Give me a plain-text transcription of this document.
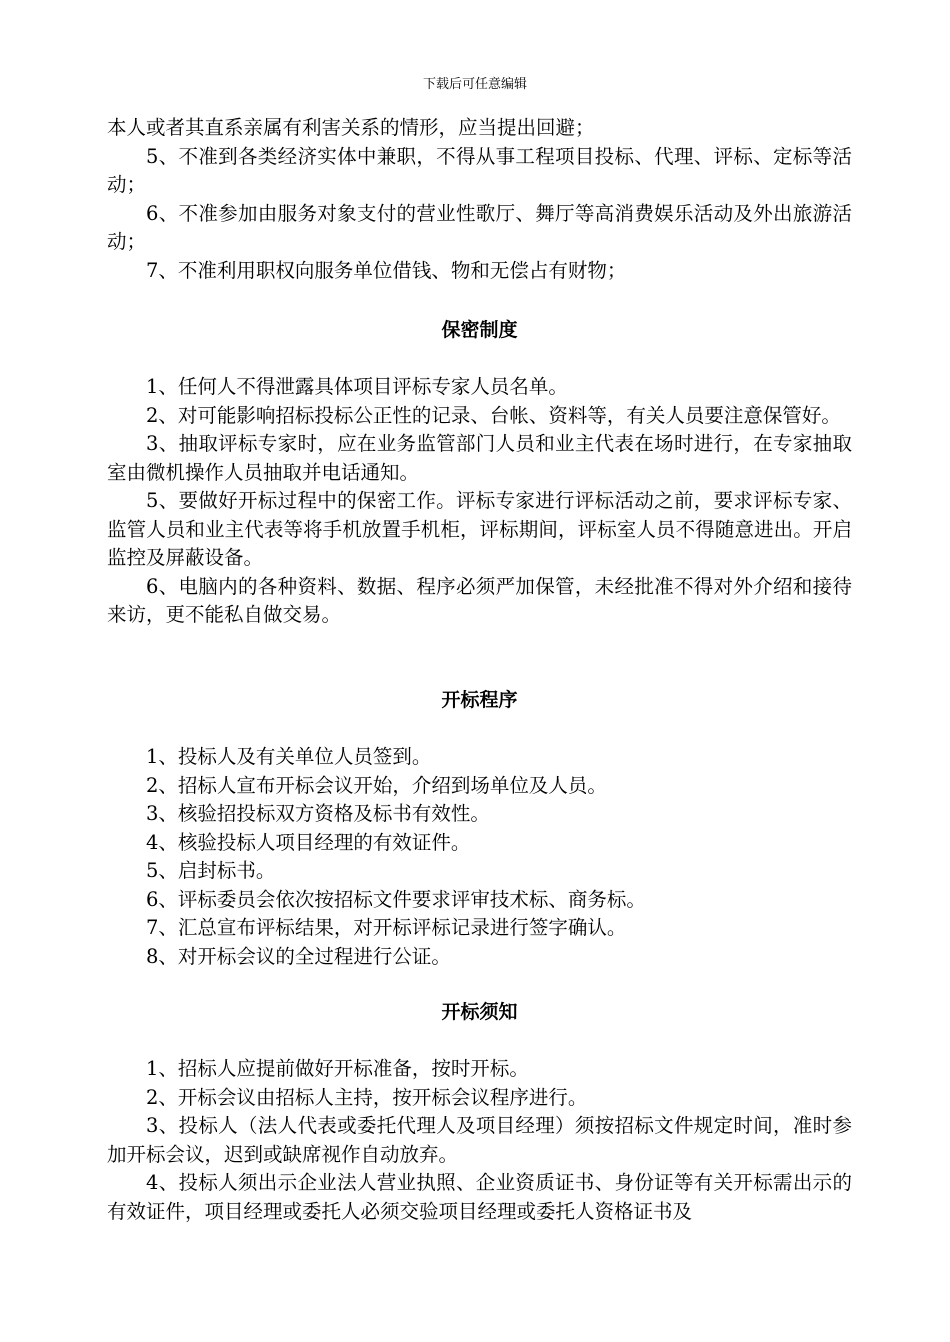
下载后可任意编辑

本人或者其直系亲属有利害关系的情形，应当提出回避；

5、不准到各类经济实体中兼职，不得从事工程项目投标、代理、评标、定标等活动；

6、不准参加由服务对象支付的营业性歌厅、舞厅等高消费娱乐活动及外出旅游活动；

7、不准利用职权向服务单位借钱、物和无偿占有财物；

保密制度

1、任何人不得泄露具体项目评标专家人员名单。

2、对可能影响招标投标公正性的记录、台帐、资料等，有关人员要注意保管好。

3、抽取评标专家时，应在业务监管部门人员和业主代表在场时进行，在专家抽取室由微机操作人员抽取并电话通知。

5、要做好开标过程中的保密工作。评标专家进行评标活动之前，要求评标专家、监管人员和业主代表等将手机放置手机柜，评标期间，评标室人员不得随意进出。开启监控及屏蔽设备。

6、电脑内的各种资料、数据、程序必须严加保管，未经批准不得对外介绍和接待来访，更不能私自做交易。

开标程序

1、投标人及有关单位人员签到。

2、招标人宣布开标会议开始，介绍到场单位及人员。

3、核验招投标双方资格及标书有效性。

4、核验投标人项目经理的有效证件。

5、启封标书。

6、评标委员会依次按招标文件要求评审技术标、商务标。

7、汇总宣布评标结果，对开标评标记录进行签字确认。

8、对开标会议的全过程进行公证。

开标须知

1、招标人应提前做好开标准备，按时开标。

2、开标会议由招标人主持，按开标会议程序进行。

3、投标人（法人代表或委托代理人及项目经理）须按招标文件规定时间，准时参加开标会议，迟到或缺席视作自动放弃。

4、投标人须出示企业法人营业执照、企业资质证书、身份证等有关开标需出示的有效证件，项目经理或委托人必须交验项目经理或委托人资格证书及
